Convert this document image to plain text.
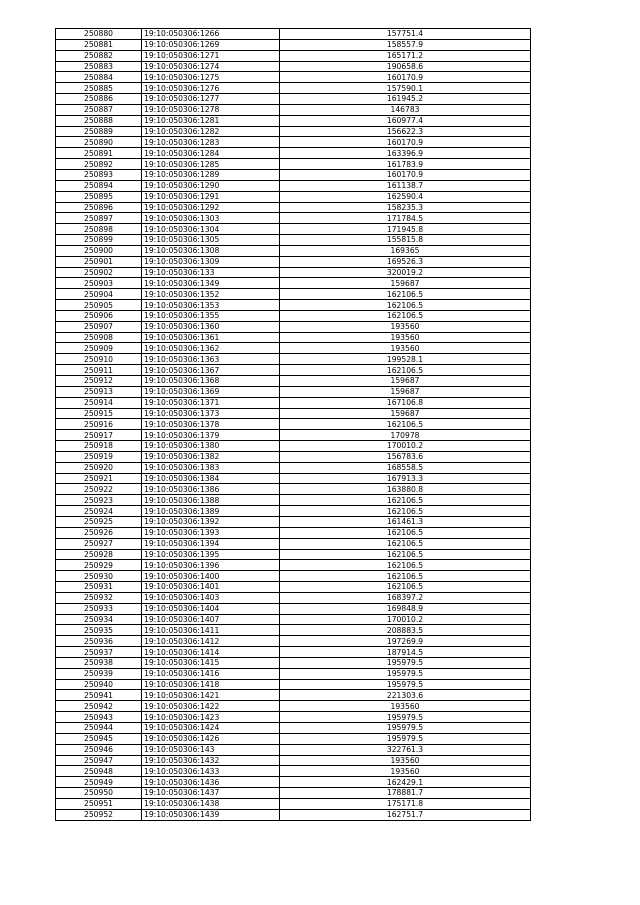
250880	19:10:050306:1266	157751.4
250881	19:10:050306:1269	158557.9
250882	19:10:050306:1271	165171.2
250883	19:10:050306:1274	190658.6
250884	19:10:050306:1275	160170.9
250885	19:10:050306:1276	157590.1
250886	19:10:050306:1277	161945.2
250887	19:10:050306:1278	146783
250888	19:10:050306:1281	160977.4
250889	19:10:050306:1282	156622.3
250890	19:10:050306:1283	160170.9
250891	19:10:050306:1284	163396.9
250892	19:10:050306:1285	161783.9
250893	19:10:050306:1289	160170.9
250894	19:10:050306:1290	161138.7
250895	19:10:050306:1291	162590.4
250896	19:10:050306:1292	158235.3
250897	19:10:050306:1303	171784.5
250898	19:10:050306:1304	171945.8
250899	19:10:050306:1305	155815.8
250900	19:10:050306:1308	169365
250901	19:10:050306:1309	169526.3
250902	19:10:050306:133	320019.2
250903	19:10:050306:1349	159687
250904	19:10:050306:1352	162106.5
250905	19:10:050306:1353	162106.5
250906	19:10:050306:1355	162106.5
250907	19:10:050306:1360	193560
250908	19:10:050306:1361	193560
250909	19:10:050306:1362	193560
250910	19:10:050306:1363	199528.1
250911	19:10:050306:1367	162106.5
250912	19:10:050306:1368	159687
250913	19:10:050306:1369	159687
250914	19:10:050306:1371	167106.8
250915	19:10:050306:1373	159687
250916	19:10:050306:1378	162106.5
250917	19:10:050306:1379	170978
250918	19:10:050306:1380	170010.2
250919	19:10:050306:1382	156783.6
250920	19:10:050306:1383	168558.5
250921	19:10:050306:1384	167913.3
250922	19:10:050306:1386	163880.8
250923	19:10:050306:1388	162106.5
250924	19:10:050306:1389	162106.5
250925	19:10:050306:1392	161461.3
250926	19:10:050306:1393	162106.5
250927	19:10:050306:1394	162106.5
250928	19:10:050306:1395	162106.5
250929	19:10:050306:1396	162106.5
250930	19:10:050306:1400	162106.5
250931	19:10:050306:1401	162106.5
250932	19:10:050306:1403	168397.2
250933	19:10:050306:1404	169848.9
250934	19:10:050306:1407	170010.2
250935	19:10:050306:1411	208883.5
250936	19:10:050306:1412	197269.9
250937	19:10:050306:1414	187914.5
250938	19:10:050306:1415	195979.5
250939	19:10:050306:1416	195979.5
250940	19:10:050306:1418	195979.5
250941	19:10:050306:1421	221303.6
250942	19:10:050306:1422	193560
250943	19:10:050306:1423	195979.5
250944	19:10:050306:1424	195979.5
250945	19:10:050306:1426	195979.5
250946	19:10:050306:143	322761.3
250947	19:10:050306:1432	193560
250948	19:10:050306:1433	193560
250949	19:10:050306:1436	162429.1
250950	19:10:050306:1437	178881.7
250951	19:10:050306:1438	175171.8
250952	19:10:050306:1439	162751.7
